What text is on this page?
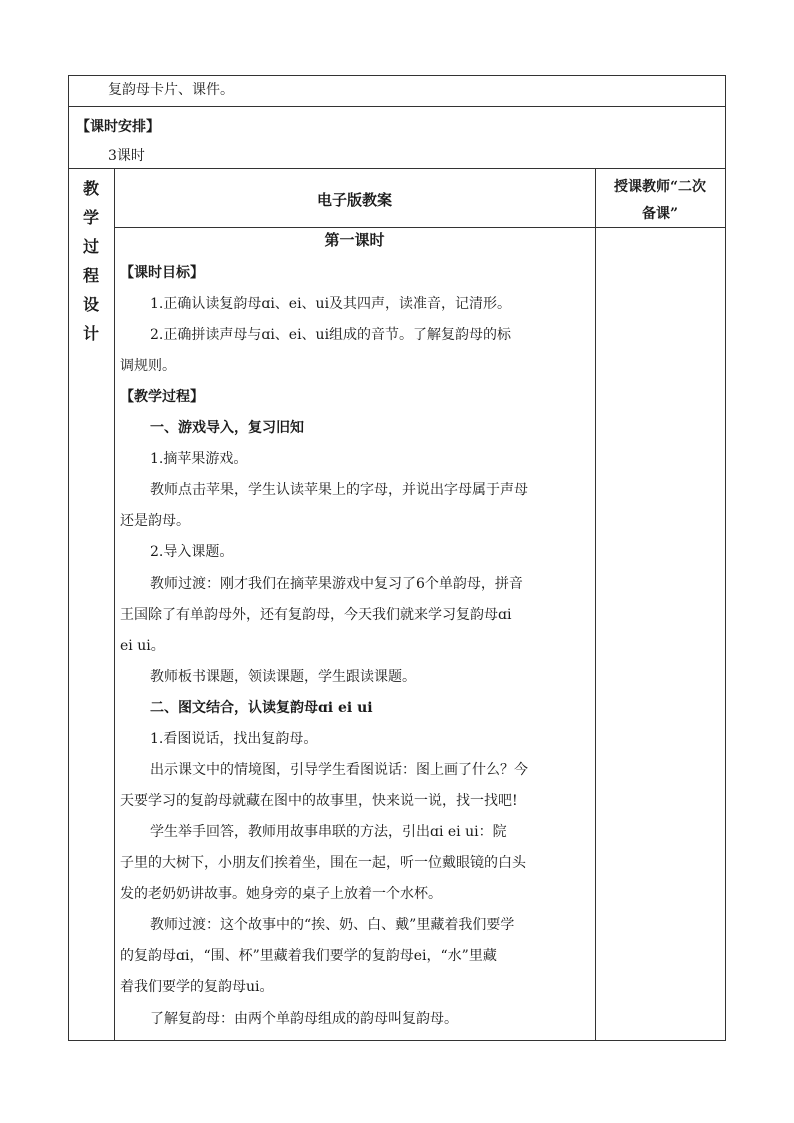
复韵母卡片、课件。
【课时安排】
3课时
教
学
过
程
设
计
电子版教案
授课教师“二次
备课”
第一课时
【课时目标】
1.正确认读复韵母ɑi、ei、ui及其四声，读准音，记清形。
2.正确拼读声母与ɑi、ei、ui组成的音节。了解复韵母的标
调规则。
【教学过程】
一、游戏导入，复习旧知
1.摘苹果游戏。
教师点击苹果，学生认读苹果上的字母，并说出字母属于声母
还是韵母。
2.导入课题。
教师过渡：刚才我们在摘苹果游戏中复习了6个单韵母，拼音
王国除了有单韵母外，还有复韵母，今天我们就来学习复韵母ɑi
ei ui。
教师板书课题，领读课题，学生跟读课题。
二、图文结合，认读复韵母ɑi ei ui
1.看图说话，找出复韵母。
出示课文中的情境图，引导学生看图说话：图上画了什么？今
天要学习的复韵母就藏在图中的故事里，快来说一说，找一找吧!
学生举手回答，教师用故事串联的方法，引出ɑi ei ui：院
子里的大树下，小朋友们挨着坐，围在一起，听一位戴眼镜的白头
发的老奶奶讲故事。她身旁的桌子上放着一个水杯。
教师过渡：这个故事中的“挨、奶、白、戴”里藏着我们要学
的复韵母ɑi，“围、杯”里藏着我们要学的复韵母ei，“水”里藏
着我们要学的复韵母ui。
了解复韵母：由两个单韵母组成的韵母叫复韵母。
